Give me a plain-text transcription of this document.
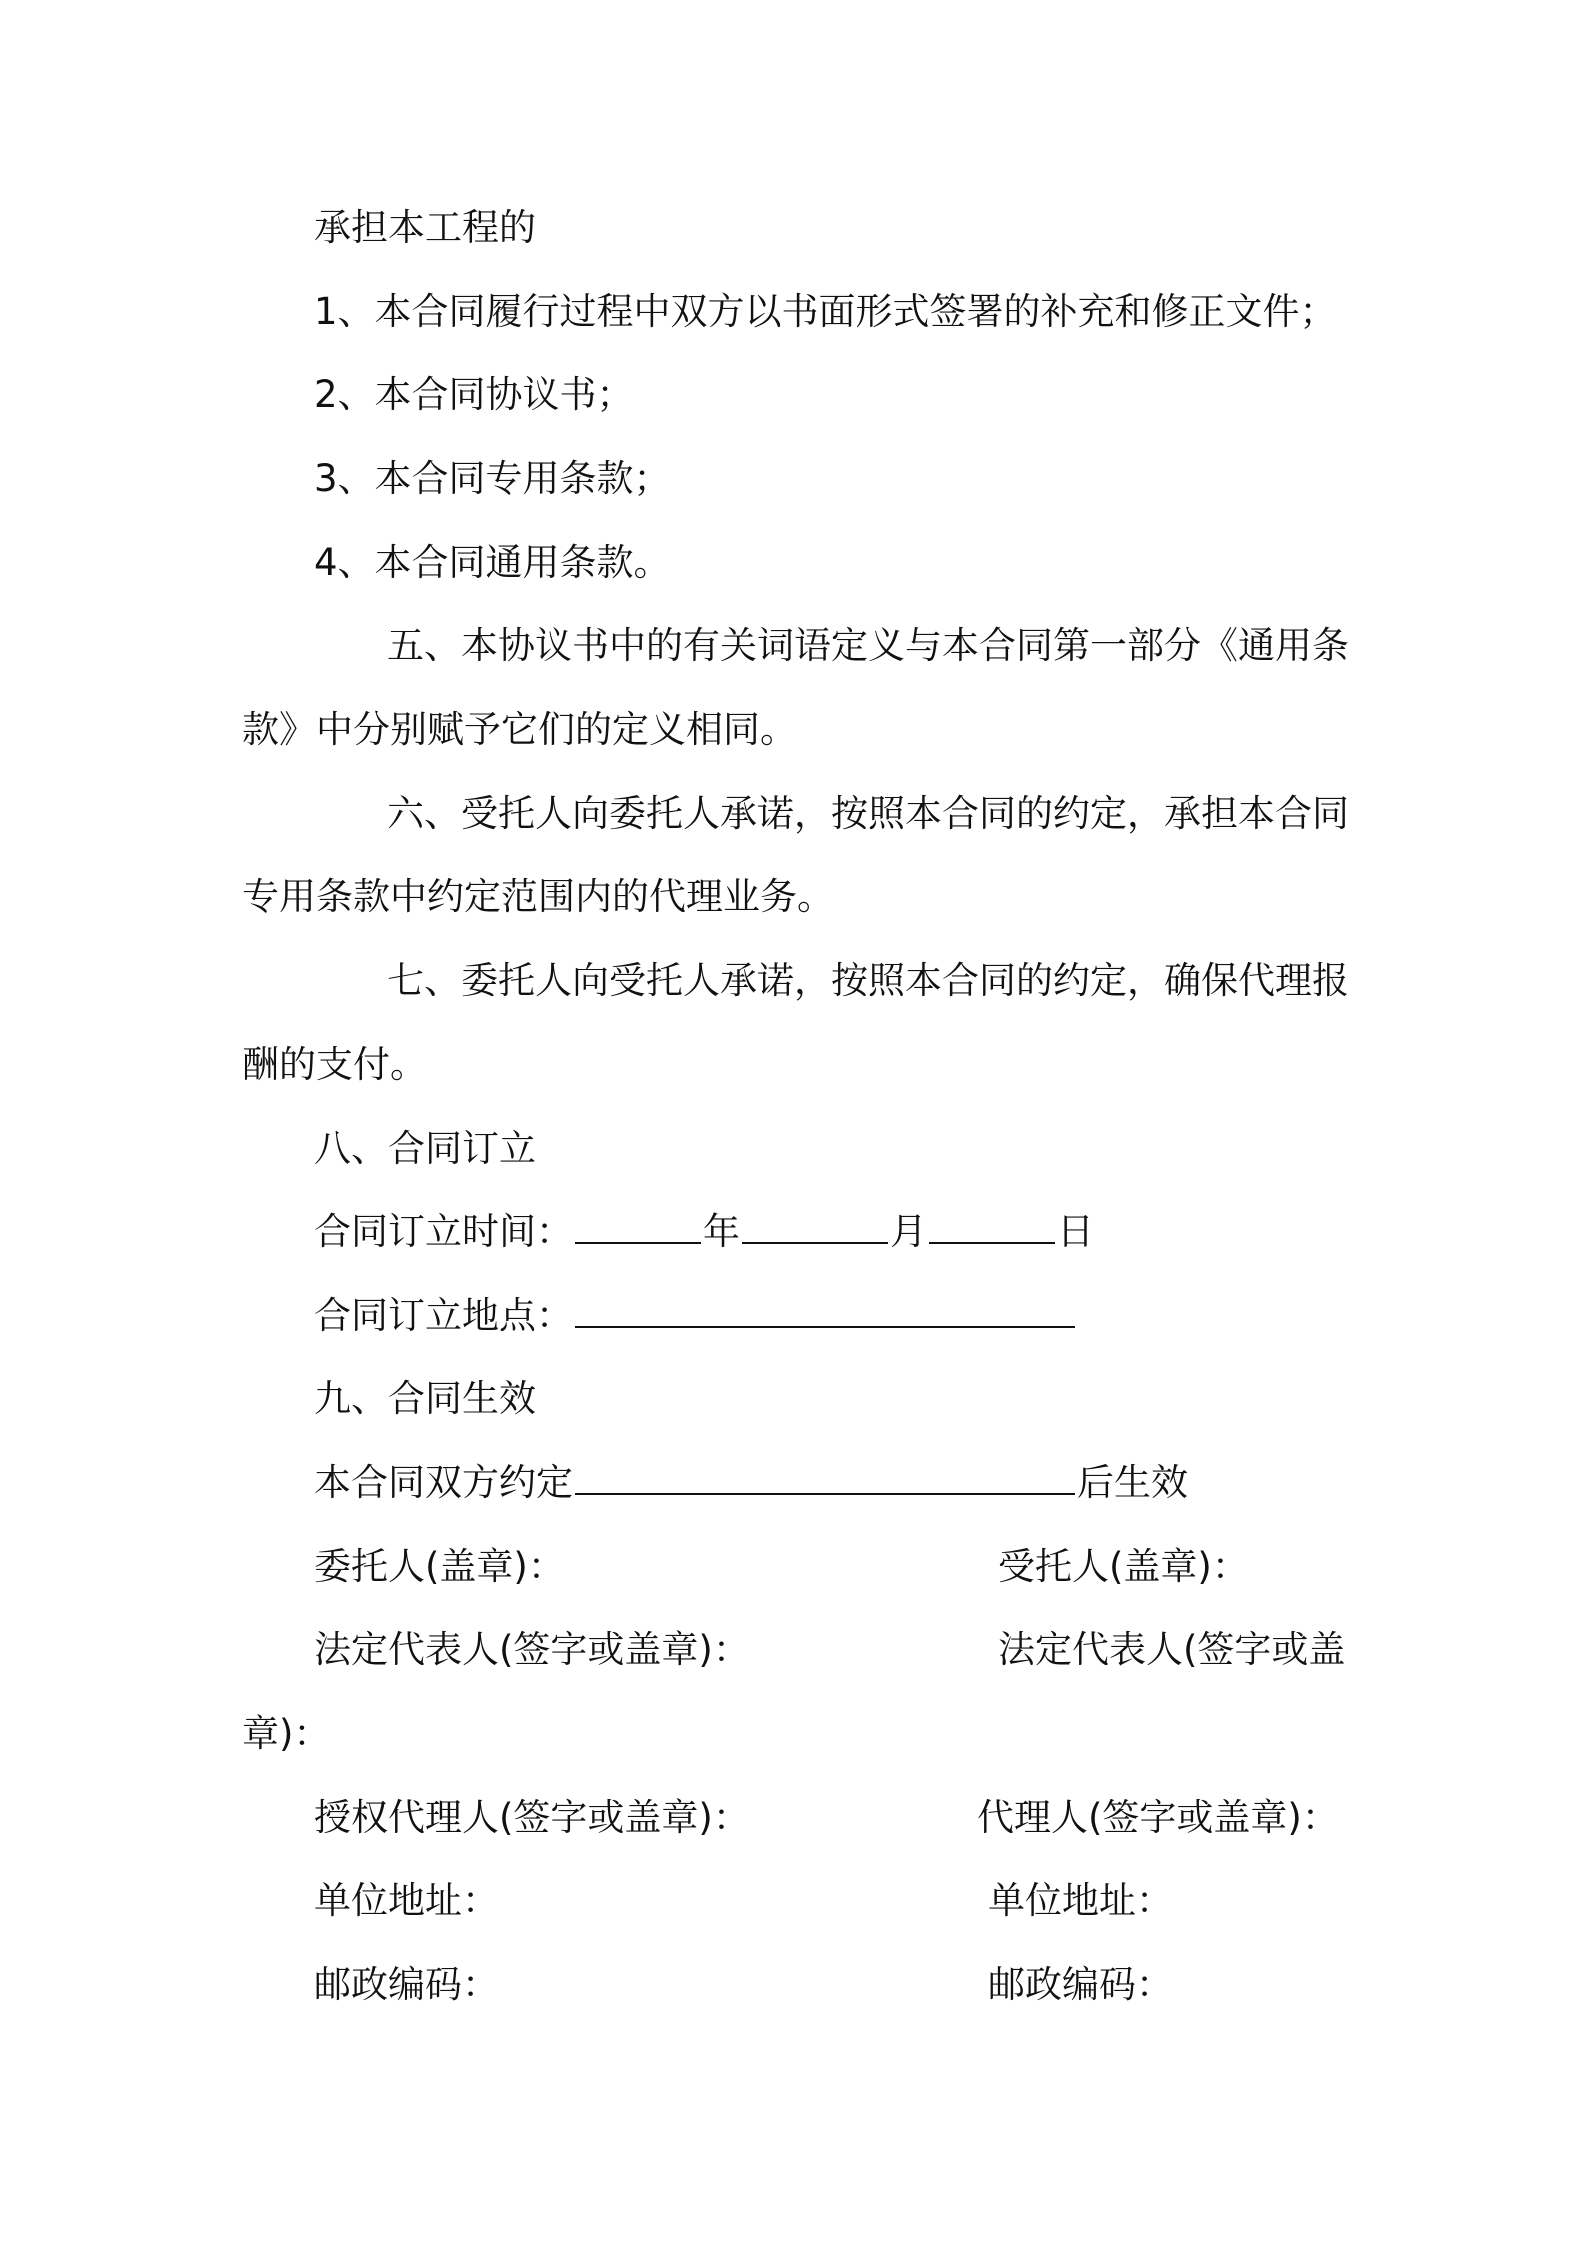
承担本工程的
1、本合同履行过程中双方以书面形式签署的补充和修正文件；
2、本合同协议书；
3、本合同专用条款；
4、本合同通用条款。
五、本协议书中的有关词语定义与本合同第一部分《通用条
款》中分别赋予它们的定义相同。
六、受托人向委托人承诺，按照本合同的约定，承担本合同
专用条款中约定范围内的代理业务。
七、委托人向受托人承诺，按照本合同的约定，确保代理报
酬的支付。
八、合同订立
合同订立时间：	年	月	日
合同订立地点：
九、合同生效
本合同双方约定	后生效
委托人(盖章)：	受托人(盖章)：
法定代表人(签字或盖章)：	法定代表人(签字或盖
章)：
授权代理人(签字或盖章)：	代理人(签字或盖章)：
单位地址：	单位地址：
邮政编码：	邮政编码：
